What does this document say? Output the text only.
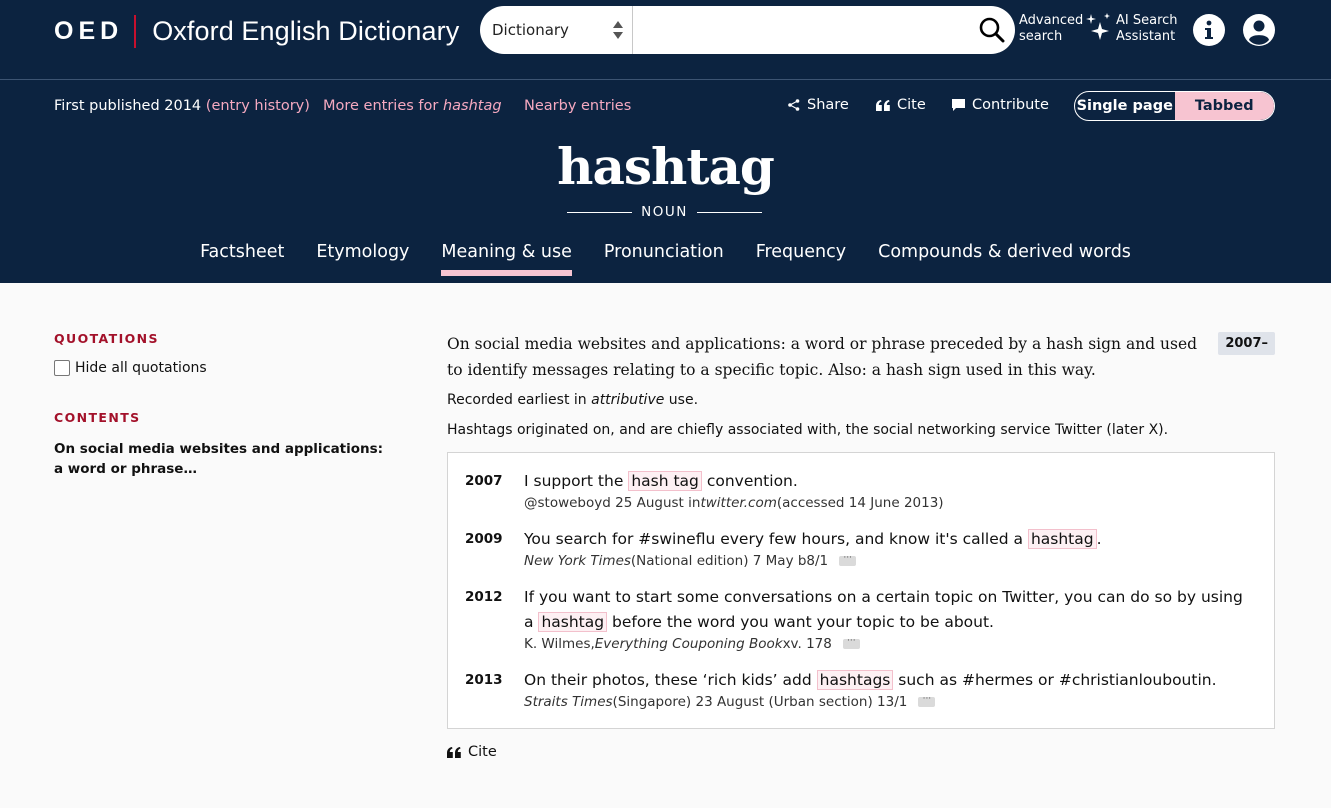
OED Oxford English Dictionary Dictionary
Advanced
search
AI Search
Assistant
First published 2014 (entry history) More entries for hashtag Nearby entries	Share	Cite	Contribute Single page	Tabbed
hashtag
NOUN
Factsheet Etymology Meaning & use Pronunciation Frequency Compounds & derived words
QUOTATIONS
Hide all quotations
CONTENTS
On social media websites and applications: a word or phrase…
On social media websites and applications: a word or phrase preceded by a hash sign and used to identify messages relating to a specific topic. Also: a hash sign used in this way.
2007–
Recorded earliest in attributive use.
Hashtags originated on, and are chiefly associated with, the social networking service Twitter (later X).
2007	I support the hash tag convention.
@stoweboyd 25 August in twitter.com (accessed 14 June 2013)
2009	You search for #swineflu every few hours, and know it's called a hashtag .
New York Times (National edition) 7 May b8/1	···
2012	If you want to start some conversations on a certain topic on Twitter, you can do so by using a hashtag before the word you want your topic to be about.
K. Wilmes, Everything Couponing Book xv. 178	···
2013	On their photos, these ‘rich kids’ add hashtags such as #hermes or #christianlouboutin.
Straits Times (Singapore) 23 August (Urban section) 13/1	···
Cite
